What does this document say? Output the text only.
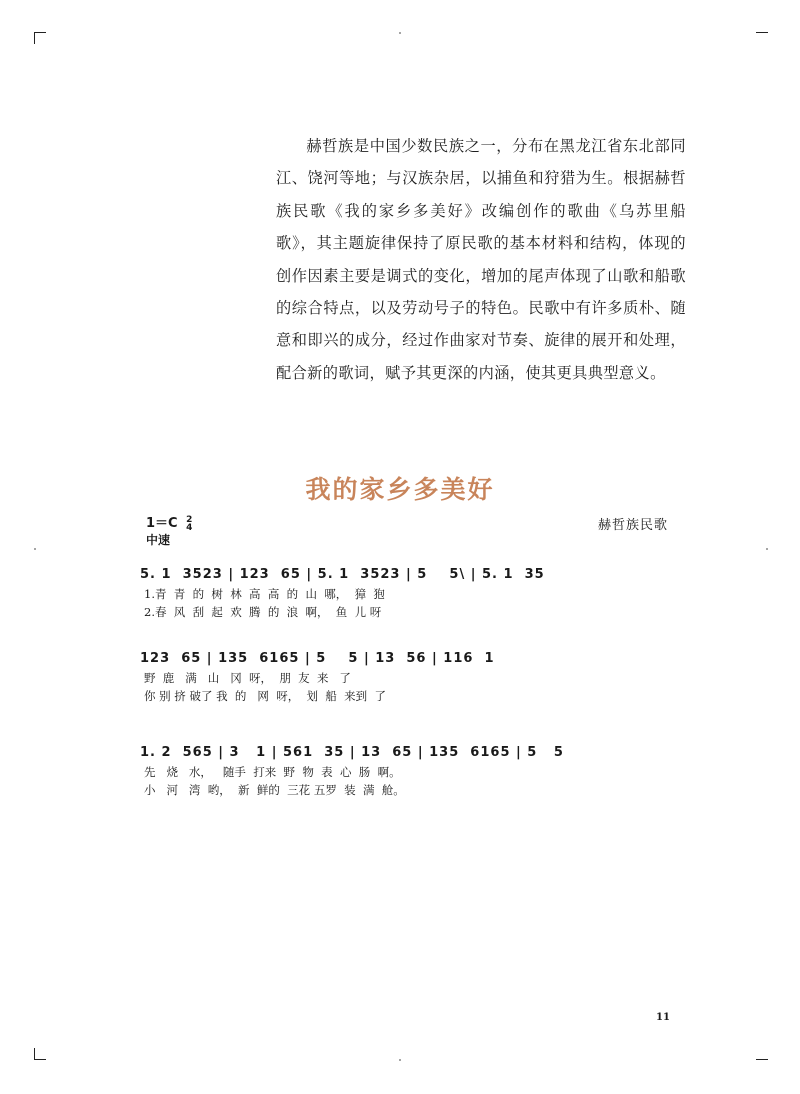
赫哲族是中国少数民族之一，分布在黑龙江省东北部同江、饶河等地；与汉族杂居，以捕鱼和狩猎为生。根据赫哲族民歌《我的家乡多美好》改编创作的歌曲《乌苏里船歌》，其主题旋律保持了原民歌的基本材料和结构，体现的创作因素主要是调式的变化，增加的尾声体现了山歌和船歌的综合特点，以及劳动号子的特色。民歌中有许多质朴、随意和即兴的成分，经过作曲家对节奏、旋律的展开和处理，配合新的歌词，赋予其更深的内涵，使其更具典型意义。

我的家乡多美好
1＝C 2
4
中速
赫哲族民歌
5. 1  3523 | 123  65 | 5. 1  3523 | 5    5\ | 5. 1  35
1.青  青  的  树  林  高  高  的  山  哪，  獐  狍
2.春  风  刮  起  欢  腾  的  浪  啊，  鱼  儿 呀
123  65 | 135  6165 | 5    5 | 13  56 | 116  1
野  鹿   满   山   冈  呀，  朋  友  来   了
你 别 挤 破了 我  的   网  呀，  划  船  来到  了
1. 2  565 | 3   1 | 561  35 | 13  65 | 135  6165 | 5   5
先   烧   水，   随手  打来  野  物  表  心  肠  啊。
小   河   湾  哟，  新  鲜的  三花 五罗  装  满  舱。
11
